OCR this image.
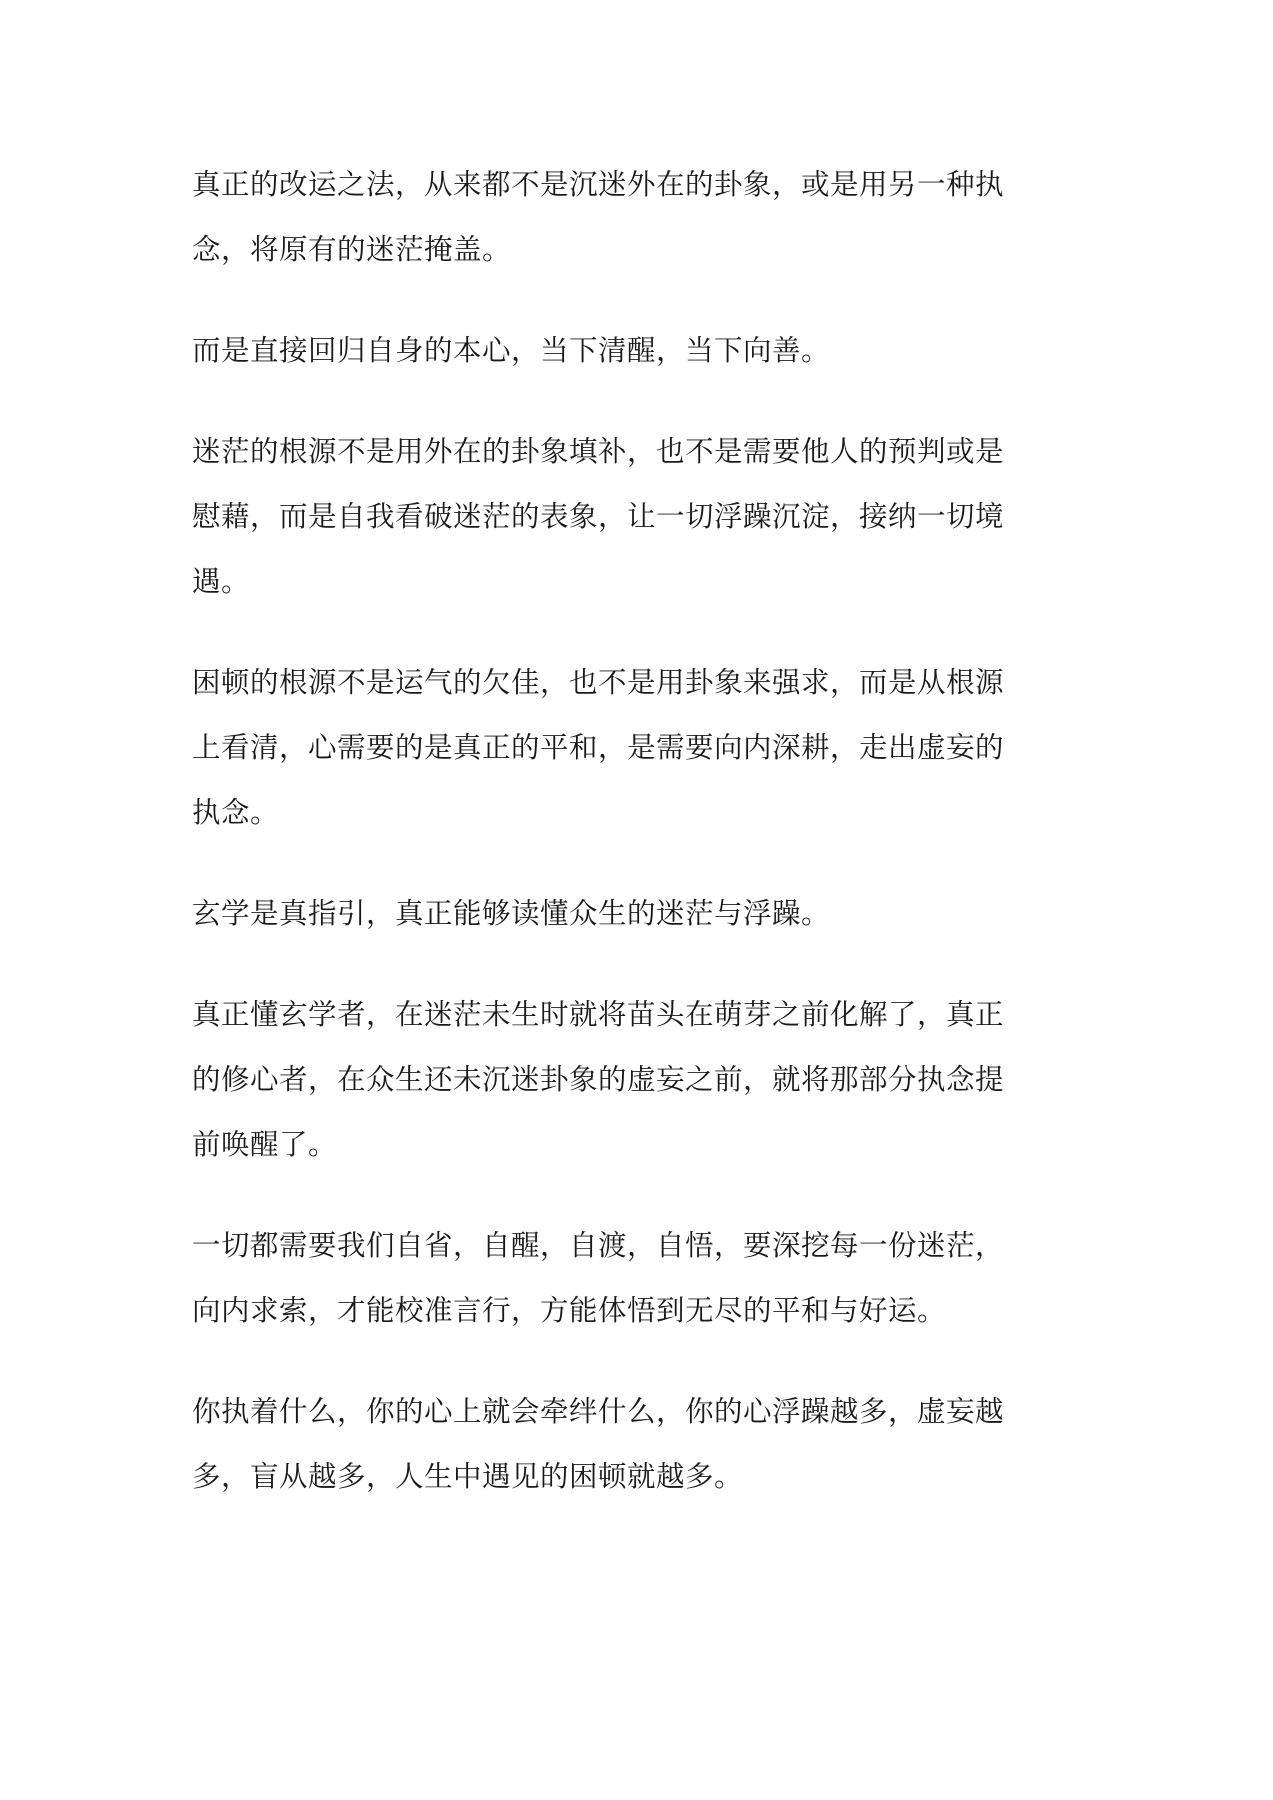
真正的改运之法，从来都不是沉迷外在的卦象，或是用另一种执
念，将原有的迷茫掩盖。

而是直接回归自身的本心，当下清醒，当下向善。

迷茫的根源不是用外在的卦象填补，也不是需要他人的预判或是
慰藉，而是自我看破迷茫的表象，让一切浮躁沉淀，接纳一切境
遇。

困顿的根源不是运气的欠佳，也不是用卦象来强求，而是从根源
上看清，心需要的是真正的平和，是需要向内深耕，走出虚妄的
执念。

玄学是真指引，真正能够读懂众生的迷茫与浮躁。

真正懂玄学者，在迷茫未生时就将苗头在萌芽之前化解了，真正
的修心者，在众生还未沉迷卦象的虚妄之前，就将那部分执念提
前唤醒了。

一切都需要我们自省，自醒，自渡，自悟，要深挖每一份迷茫，
向内求索，才能校准言行，方能体悟到无尽的平和与好运。

你执着什么，你的心上就会牵绊什么，你的心浮躁越多，虚妄越
多，盲从越多，人生中遇见的困顿就越多。
